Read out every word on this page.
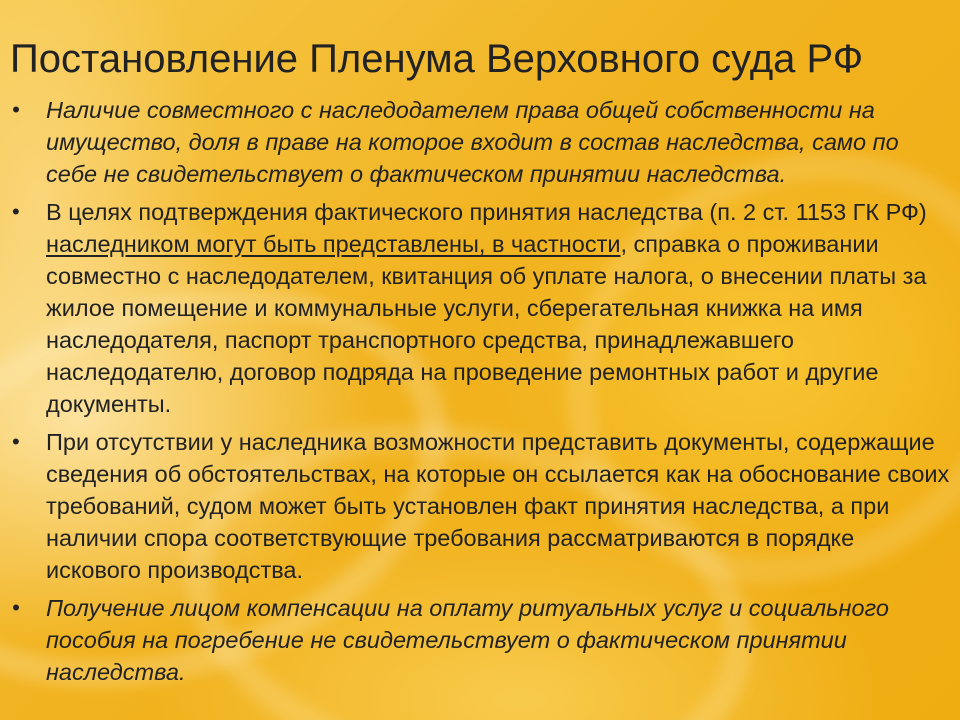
Постановление Пленума Верховного суда РФ
• Наличие совместного с наследодателем права общей собственности на имущество, доля в праве на которое входит в состав наследства, само по себе не свидетельствует о фактическом принятии наследства.
• В целях подтверждения фактического принятия наследства (п. 2 ст. 1153 ГК РФ) наследником могут быть представлены, в частности, справка о проживании совместно с наследодателем, квитанция об уплате налога, о внесении платы за жилое помещение и коммунальные услуги, сберегательная книжка на имя наследодателя, паспорт транспортного средства, принадлежавшего наследодателю, договор подряда на проведение ремонтных работ и другие документы.
• При отсутствии у наследника возможности представить документы, содержащие сведения об обстоятельствах, на которые он ссылается как на обоснование своих требований, судом может быть установлен факт принятия наследства, а при наличии спора соответствующие требования рассматриваются в порядке искового производства.
• Получение лицом компенсации на оплату ритуальных услуг и социального пособия на погребение не свидетельствует о фактическом принятии наследства.
